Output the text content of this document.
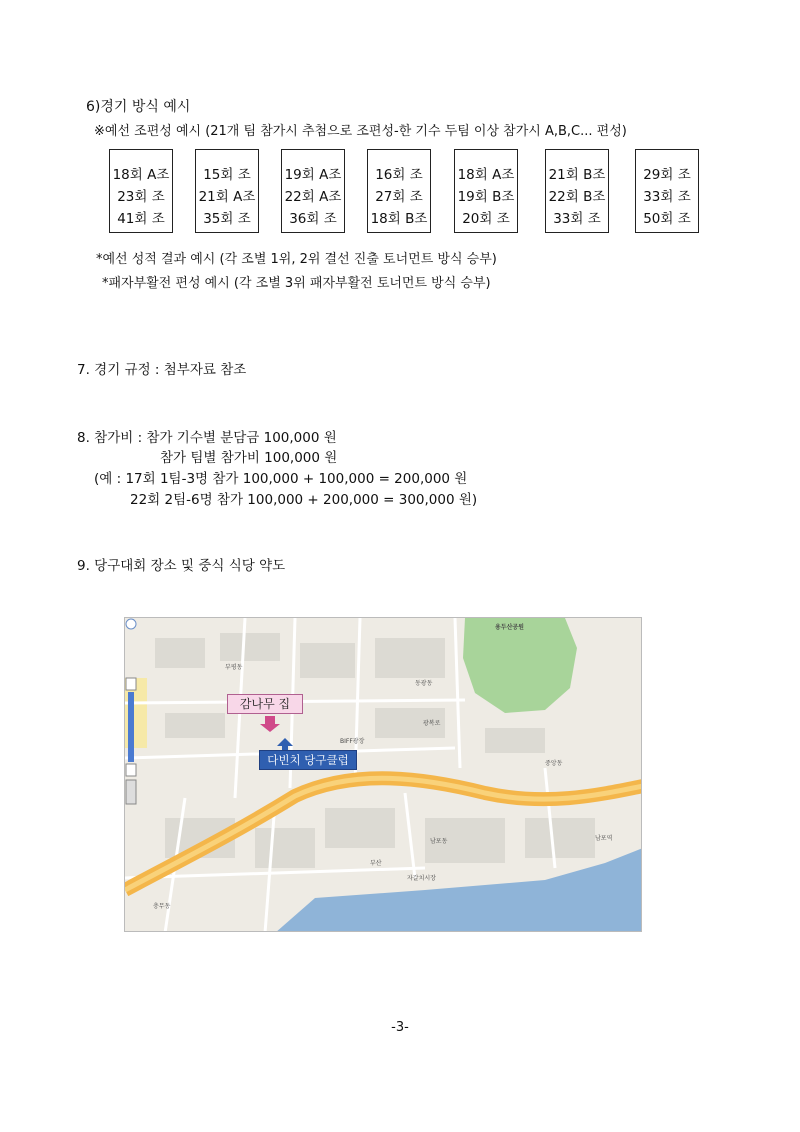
6)경기 방식 예시
※예선 조편성 예시 (21개 팀 참가시 추첨으로 조편성-한 기수 두팀 이상 참가시 A,B,C... 편성)
18회 A조
23회 조
41회 조
15회 조
21회 A조
35회 조
19회 A조
22회 A조
36회 조
16회 조
27회 조
18회 B조
18회 A조
19회 B조
20회 조
21회 B조
22회 B조
33회 조
29회 조
33회 조
50회 조
*예선 성적 결과 예시 (각 조별 1위, 2위 결선 진출 토너먼트 방식 승부)
*패자부활전 편성 예시 (각 조별 3위 패자부활전 토너먼트 방식 승부)
7. 경기 규정 : 첨부자료 참조
8. 참가비 : 참가 기수별 분담금 100,000 원
참가 팀별 참가비 100,000 원
(예 : 17회 1팀-3명 참가 100,000 + 100,000 = 200,000 원
22회 2팀-6명 참가 100,000 + 200,000 = 300,000 원)
9. 당구대회 장소 및 중식 식당 약도
용두산공원
광복로
남포동
부산
자갈치시장
부평동
중앙동
동광동
BIFF광장
충무동
남포역
감나무 집
다빈치 당구클럽
-3-
